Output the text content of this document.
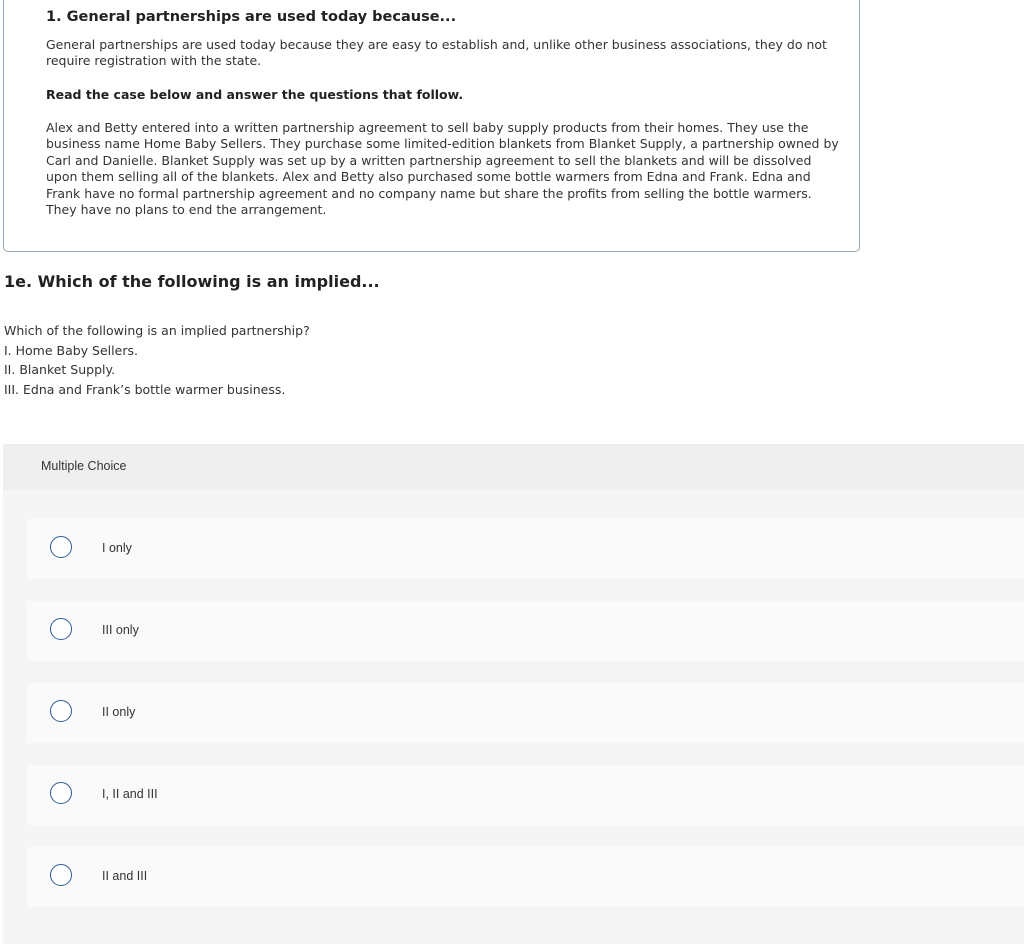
1. General partnerships are used today because...
General partnerships are used today because they are easy to establish and, unlike other business associations, they do not require registration with the state.
Read the case below and answer the questions that follow.
Alex and Betty entered into a written partnership agreement to sell baby supply products from their homes. They use the business name Home Baby Sellers. They purchase some limited-edition blankets from Blanket Supply, a partnership owned by Carl and Danielle. Blanket Supply was set up by a written partnership agreement to sell the blankets and will be dissolved upon them selling all of the blankets. Alex and Betty also purchased some bottle warmers from Edna and Frank. Edna and Frank have no formal partnership agreement and no company name but share the profits from selling the bottle warmers. They have no plans to end the arrangement.
1e. Which of the following is an implied...
Which of the following is an implied partnership?
I. Home Baby Sellers.
II. Blanket Supply.
III. Edna and Frank’s bottle warmer business.
Multiple Choice
I only
III only
II only
I, II and III
II and III
